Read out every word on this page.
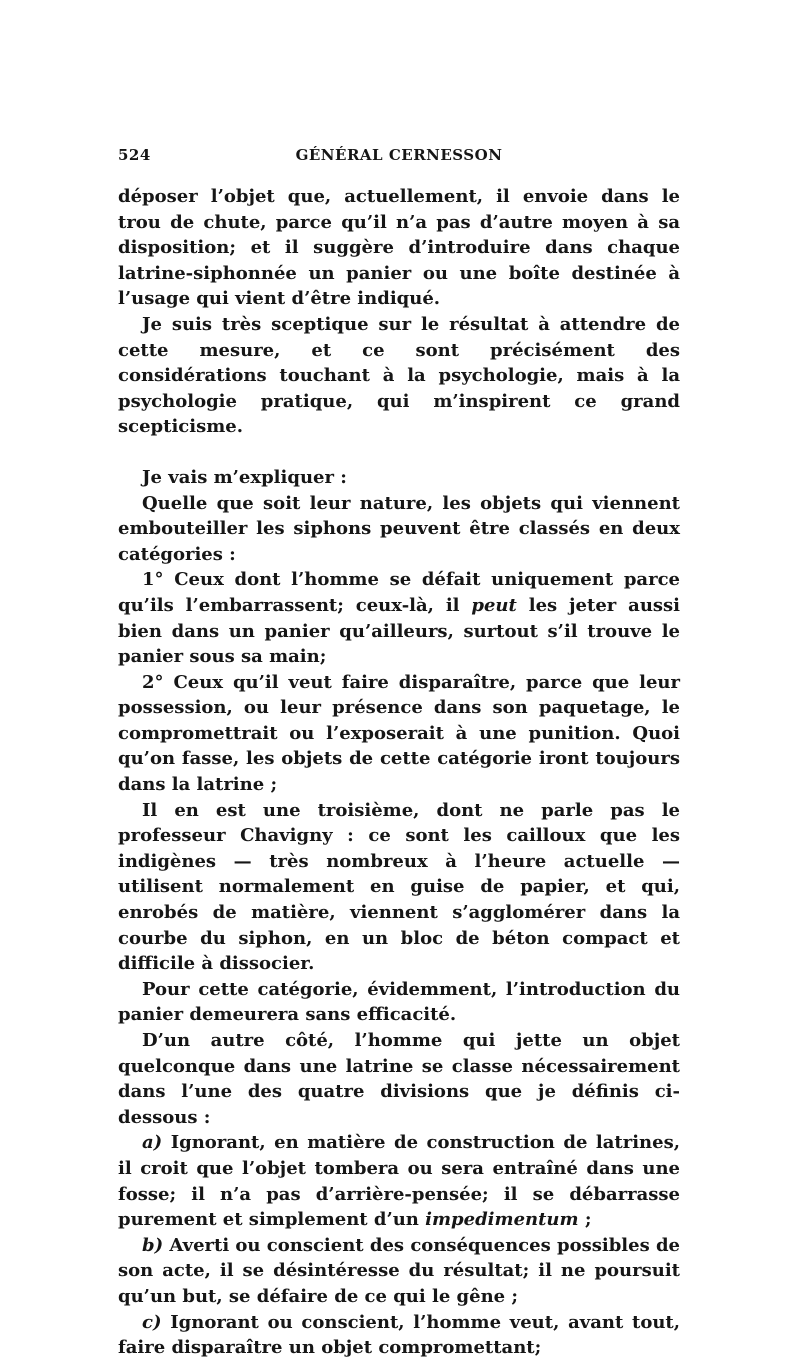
524	GÉNÉRAL CERNESSON

déposer l’objet que, actuellement, il envoie dans le trou de chute, parce qu’il n’a pas d’autre moyen à sa disposition; et il suggère d’introduire dans chaque latrine-siphonnée un panier ou une boîte destinée à l’usage qui vient d’être indiqué.

Je suis très sceptique sur le résultat à attendre de cette mesure, et ce sont précisément des considérations touchant à la psychologie, mais à la psychologie pratique, qui m’inspirent ce grand scepticisme.

Je vais m’expliquer :

Quelle que soit leur nature, les objets qui viennent embouteiller les siphons peuvent être classés en deux catégories :

1° Ceux dont l’homme se défait uniquement parce qu’ils l’embarrassent; ceux-là, il peut les jeter aussi bien dans un panier qu’ailleurs, surtout s’il trouve le panier sous sa main;

2° Ceux qu’il veut faire disparaître, parce que leur possession, ou leur présence dans son paquetage, le compromettrait ou l’exposerait à une punition. Quoi qu’on fasse, les objets de cette catégorie iront toujours dans la latrine ;

Il en est une troisième, dont ne parle pas le professeur Chavigny : ce sont les cailloux que les indigènes — très nombreux à l’heure actuelle — utilisent normalement en guise de papier, et qui, enrobés de matière, viennent s’agglomérer dans la courbe du siphon, en un bloc de béton compact et difficile à dissocier.

Pour cette catégorie, évidemment, l’introduction du panier demeurera sans efficacité.

D’un autre côté, l’homme qui jette un objet quelconque dans une latrine se classe nécessairement dans l’une des quatre divisions que je définis ci-dessous :

a) Ignorant, en matière de construction de latrines, il croit que l’objet tombera ou sera entraîné dans une fosse; il n’a pas d’arrière-pensée; il se débarrasse purement et simplement d’un impedimentum ;

b) Averti ou conscient des conséquences possibles de son acte, il se désintéresse du résultat; il ne poursuit qu’un but, se défaire de ce qui le gêne ;

c) Ignorant ou conscient, l’homme veut, avant tout, faire disparaître un objet compromettant;
